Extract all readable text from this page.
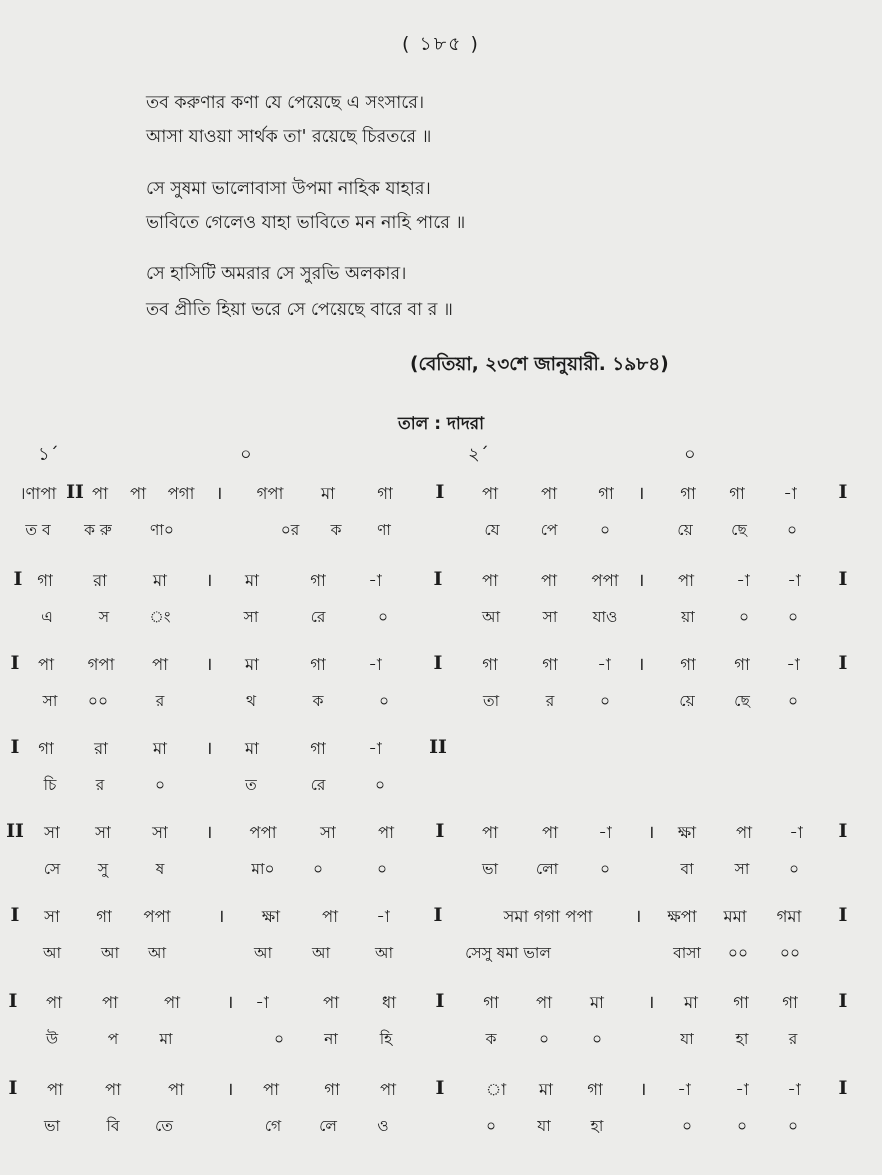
( ১৮৫ )
তব করুণার কণা যে পেয়েছে এ সংসারে।
আসা যাওয়া সার্থক তা' রয়েছে চিরতরে ॥
সে সুষমা ভালোবাসা উপমা নাহিক যাহার।
ভাবিতে গেলেও যাহা ভাবিতে মন নাহি পারে ॥
সে হাসিটি অমরার সে সুরভি অলকার।
তব প্রীতি হিয়া ভরে সে পেয়েছে বারে বা র ॥
(বেতিয়া, ২৩শে জানুয়ারী. ১৯৮৪)
তাল : দাদরা
১´	০	২´	০
।ণাপা II পা পা পগা । গপা মা	গা I পা	পা গা । গা গা -া I
ত ব ক রু ণা০	০র ক ণা	যে	পে	০	য়ে ছে	০
I গা রা	মা । মা	গা	-া	I পা	পা পপা । পা	-া -া I
এ	স	ং	সা	রে	০	আ	সা যাও	য়া	০	০
I পা গপা পা । মা	গা	-া	I গা	গা -া । গা গা -া I
সা ০০	র	থ	ক	০	তা	র	০	য়ে	ছে ০
I গা রা	মা । মা	গা	-া II
চি	র	০	ত	রে	০
II সা সা	সা । পপা	সা	পা I পা	পা -া । ক্ষা পা -া I
সে সু	ষ	মা০ ০	০	ভা লো	০	বা	সা	০
I সা গা পপা	। ক্ষা	পা -া I	সমা গগা পপা । ক্ষপা মমা গমা I
আ	আ আ	আ	আ	আ	সেসু ষমা ভাল	বাসা ০০ ০০
I পা পা	পা	। -া	পা	ধা I গা পা মা । মা গা গা I
উ	প	মা	০	না	হি	ক	০	০	যা	হা	র
I পা	পা	পা । পা	গা পা I	া মা গা । -া	-া -া I
ভা	বি তে	গে লে	ও	০	যা	হা	০	০	০
